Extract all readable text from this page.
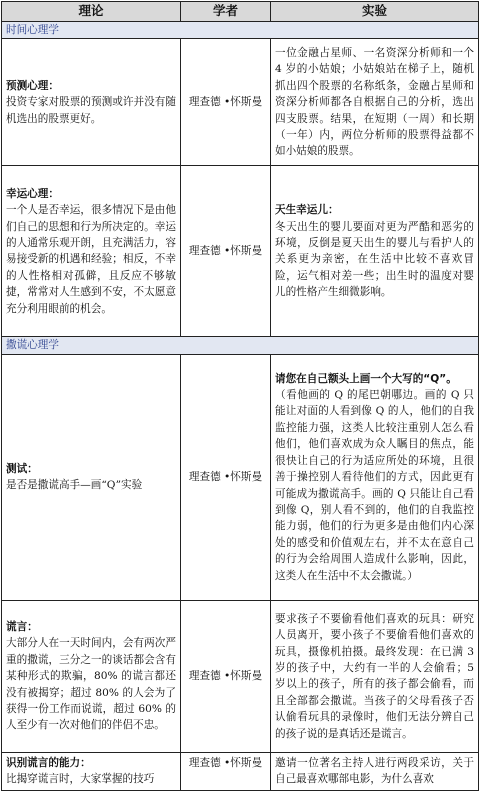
理论	学者	实验
时间心理学		
预测心理：
投资专家对股票的预测或许并没有随机选出的股票更好。	理查德 •怀斯曼	一位金融占星师、一名资深分析师和一个 4 岁的小姑娘；小姑娘站在梯子上，随机抓出四个股票的名称纸条，金融占星师和资深分析师都各自根据自己的分析，选出四支股票。结果，在短期（一周）和长期（一年）内，两位分析师的股票得益都不如小姑娘的股票。
幸运心理：
一个人是否幸运，很多情况下是由他们自己的思想和行为所决定的。幸运的人通常乐观开朗，且充满活力，容易接受新的机遇和经验；相反，不幸的人性格相对孤僻，且反应不够敏捷，常常对人生感到不安，不太愿意充分利用眼前的机会。	理查德 •怀斯曼	天生幸运儿：
冬天出生的婴儿要面对更为严酷和恶劣的环境，反倒是夏天出生的婴儿与看护人的关系更为亲密，在生活中比较不喜欢冒险，运气相对差一些；出生时的温度对婴儿的性格产生细微影响。
撒谎心理学		
测试：
是否是撒谎高手—画“Q”实验	理查德 •怀斯曼	请您在自己额头上画一个大写的“Q”。
（看他画的 Q 的尾巴朝哪边。画的 Q 只能让对面的人看到像 Q 的人，他们的自我监控能力强，这类人比较注重别人怎么看他们，他们喜欢成为众人瞩目的焦点，能很快让自己的行为适应所处的环境，且很善于操控别人看待他们的方式，因此更有可能成为撒谎高手。画的 Q 只能让自己看到像 Q，别人看不到的，他们的自我监控能力弱，他们的行为更多是由他们内心深处的感受和价值观左右，并不太在意自己的行为会给周围人造成什么影响，因此，这类人在生活中不太会撒谎。）
谎言：
大部分人在一天时间内，会有两次严重的撒谎，三分之一的谈话都会含有某种形式的欺骗，80% 的谎言都还没有被揭穿；超过 80% 的人会为了获得一份工作而说谎，超过 60% 的人至少有一次对他们的伴侣不忠。	理查德 •怀斯曼	要求孩子不要偷看他们喜欢的玩具：研究人员离开，要小孩子不要偷看他们喜欢的玩具，摄像机拍摄。最终发现：在已满 3 岁的孩子中，大约有一半的人会偷看；5 岁以上的孩子，所有的孩子都会偷看，而且全部都会撒谎。当孩子的父母看孩子否认偷看玩具的录像时，他们无法分辨自己的孩子说的是真话还是谎言。
识别谎言的能力：
比揭穿谎言时，大家掌握的技巧	理查德 •怀斯曼	邀请一位著名主持人进行两段采访，关于自己最喜欢哪部电影，为什么喜欢
